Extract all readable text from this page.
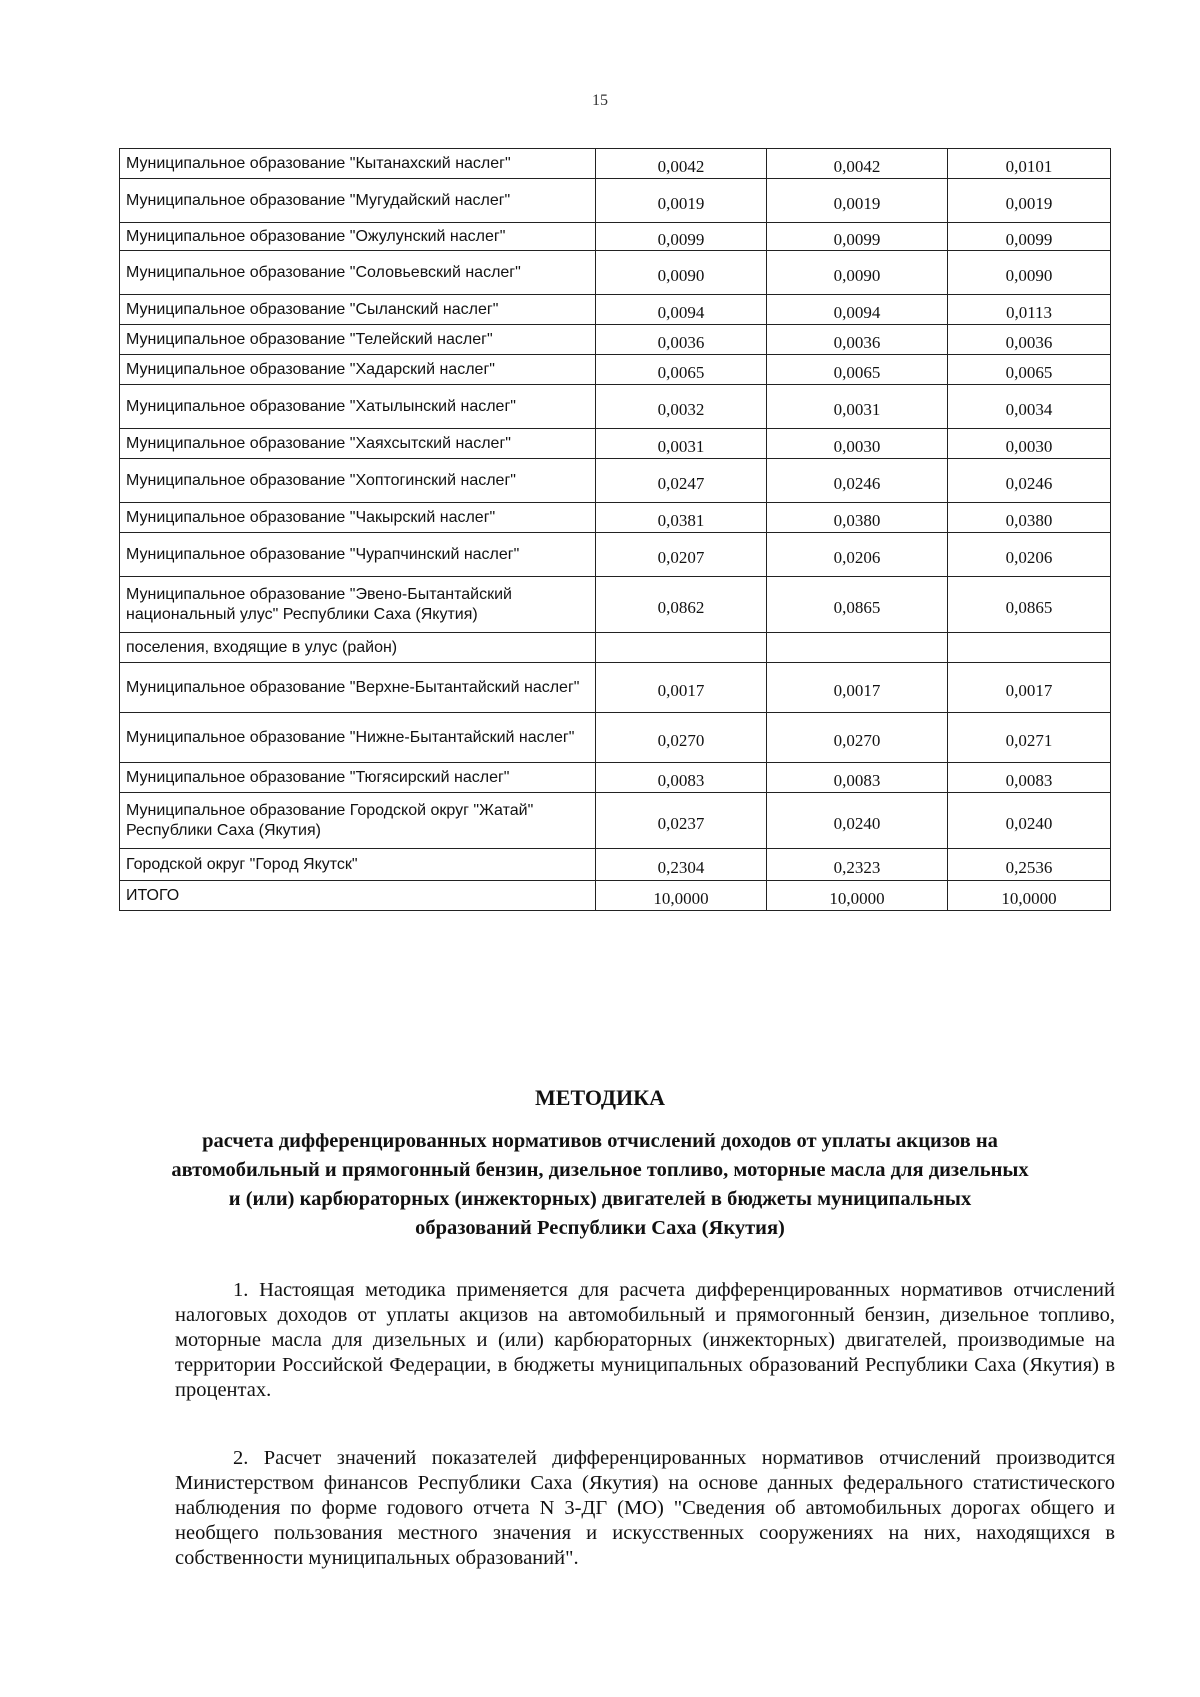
15
Муниципальное образование "Кытанахский наслег"	0,0042	0,0042	0,0101
Муниципальное образование "Мугудайский наслег"	0,0019	0,0019	0,0019
Муниципальное образование "Ожулунский наслег"	0,0099	0,0099	0,0099
Муниципальное образование "Соловьевский наслег"	0,0090	0,0090	0,0090
Муниципальное образование "Сыланский наслег"	0,0094	0,0094	0,0113
Муниципальное образование "Телейский наслег"	0,0036	0,0036	0,0036
Муниципальное образование "Хадарский наслег"	0,0065	0,0065	0,0065
Муниципальное образование "Хатылынский наслег"	0,0032	0,0031	0,0034
Муниципальное образование "Хаяхсытский наслег"	0,0031	0,0030	0,0030
Муниципальное образование "Хоптогинский наслег"	0,0247	0,0246	0,0246
Муниципальное образование "Чакырский наслег"	0,0381	0,0380	0,0380
Муниципальное образование "Чурапчинский наслег"	0,0207	0,0206	0,0206
Муниципальное образование "Эвено-Бытантайский национальный улус" Республики Саха (Якутия)	0,0862	0,0865	0,0865
поселения, входящие в улус (район)			
Муниципальное образование "Верхне-Бытантайский наслег"	0,0017	0,0017	0,0017
Муниципальное образование "Нижне-Бытантайский наслег"	0,0270	0,0270	0,0271
Муниципальное образование "Тюгясирский наслег"	0,0083	0,0083	0,0083
Муниципальное образование Городской округ "Жатай" Республики Саха (Якутия)	0,0237	0,0240	0,0240
Городской округ "Город Якутск"	0,2304	0,2323	0,2536
ИТОГО	10,0000	10,0000	10,0000
МЕТОДИКА
расчета дифференцированных нормативов отчислений доходов от уплаты акцизов на автомобильный и прямогонный бензин, дизельное топливо, моторные масла для дизельных и (или) карбюраторных (инжекторных) двигателей в бюджеты муниципальных образований Республики Саха (Якутия)
1. Настоящая методика применяется для расчета дифференцированных нормативов отчислений налоговых доходов от уплаты акцизов на автомобильный и прямогонный бензин, дизельное топливо, моторные масла для дизельных и (или) карбюраторных (инжекторных) двигателей, производимые на территории Российской Федерации, в бюджеты муниципальных образований Республики Саха (Якутия) в процентах.
2. Расчет значений показателей дифференцированных нормативов отчислений производится Министерством финансов Республики Саха (Якутия) на основе данных федерального статистического наблюдения по форме годового отчета N 3-ДГ (МО) "Сведения об автомобильных дорогах общего и необщего пользования местного значения и искусственных сооружениях на них, находящихся в собственности муниципальных образований".
